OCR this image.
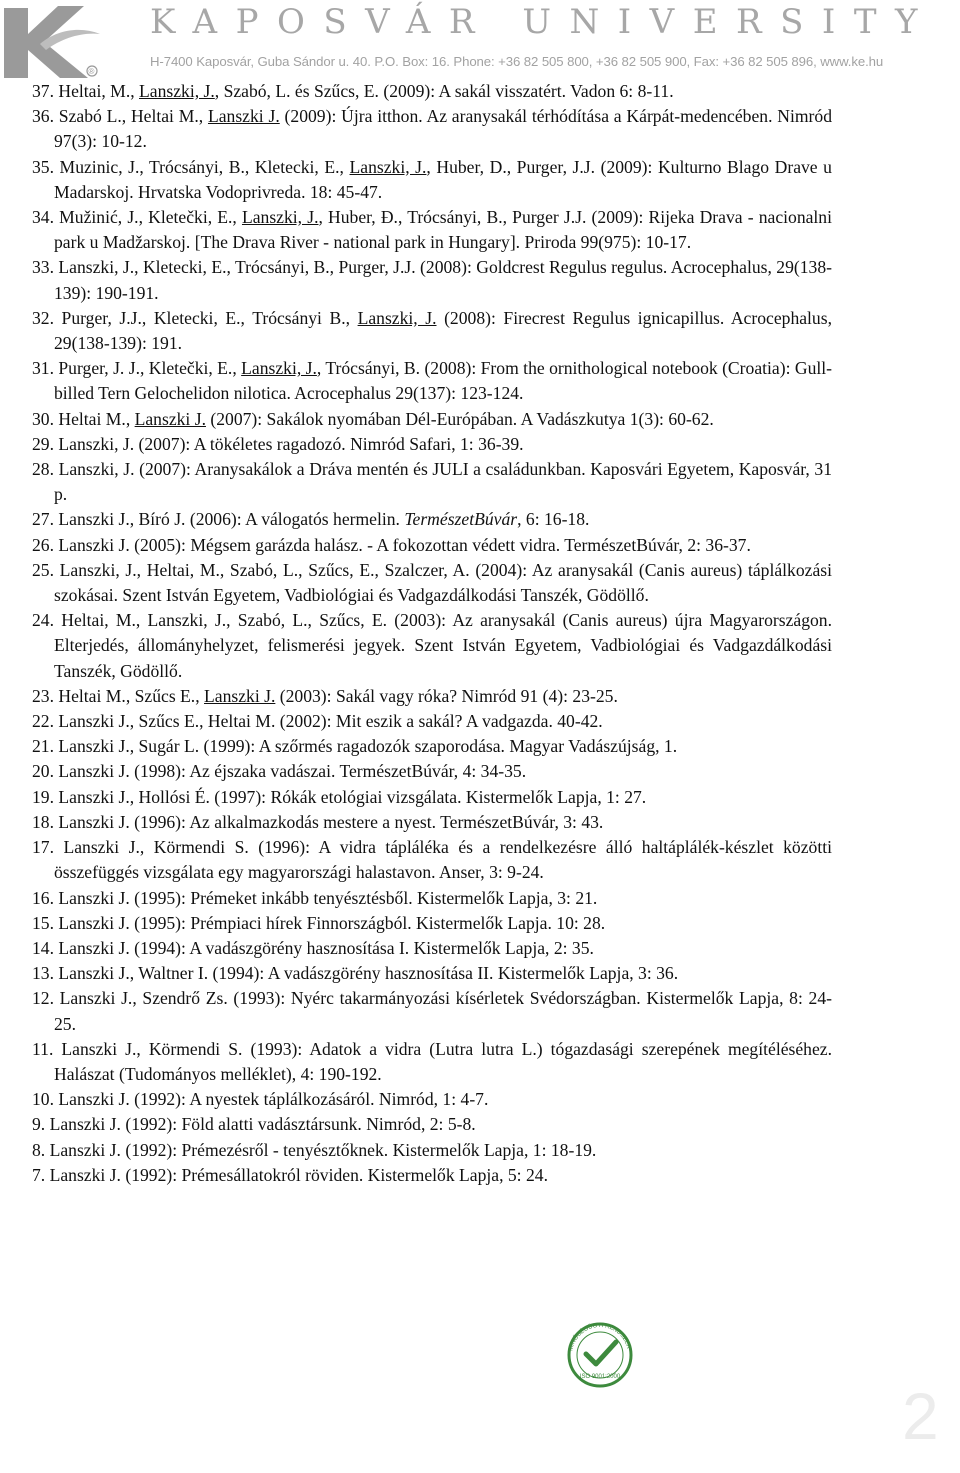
®
KAPOSVÁR UNIVERSITY
H-7400 Kaposvár, Guba Sándor u. 40. P.O. Box: 16. Phone: +36 82 505 800, +36 82 505 900, Fax: +36 82 505 896, www.ke.hu
37. Heltai, M., Lanszki, J., Szabó, L. és Szűcs, E. (2009): A sakál visszatért. Vadon 6: 8-11.
36. Szabó L., Heltai M., Lanszki J. (2009): Újra itthon. Az aranysakál térhódítása a Kárpát-medencében. Nimród 97(3): 10-12.
35. Muzinic, J., Trócsányi, B., Kletecki, E., Lanszki, J., Huber, D., Purger, J.J. (2009): Kulturno Blago Drave u Madarskoj. Hrvatska Vodoprivreda. 18: 45-47.
34. Mužinić, J., Kletečki, E., Lanszki, J., Huber, Đ., Trócsányi, B., Purger J.J. (2009): Rijeka Drava - nacionalni park u Madžarskoj. [The Drava River - national park in Hungary]. Priroda 99(975): 10-17.
33. Lanszki, J., Kletecki, E., Trócsányi, B., Purger, J.J. (2008): Goldcrest Regulus regulus. Acrocephalus, 29(138-139): 190-191.
32. Purger, J.J., Kletecki, E., Trócsányi B., Lanszki, J. (2008): Firecrest Regulus ignicapillus. Acrocephalus, 29(138-139): 191.
31. Purger, J. J., Kletečki, E., Lanszki, J., Trócsányi, B. (2008): From the ornithological notebook (Croatia): Gull-billed Tern Gelochelidon nilotica. Acrocephalus 29(137): 123-124.
30. Heltai M., Lanszki J. (2007): Sakálok nyomában Dél-Európában. A Vadászkutya 1(3): 60-62.
29. Lanszki, J. (2007): A tökéletes ragadozó. Nimród Safari, 1: 36-39.
28. Lanszki, J. (2007): Aranysakálok a Dráva mentén és JULI a családunkban. Kaposvári Egyetem, Kaposvár, 31 p.
27. Lanszki J., Bíró J. (2006): A válogatós hermelin. TermészetBúvár, 6: 16-18.
26. Lanszki J. (2005): Mégsem garázda halász. - A fokozottan védett vidra. TermészetBúvár, 2: 36-37.
25. Lanszki, J., Heltai, M., Szabó, L., Szűcs, E., Szalczer, A. (2004): Az aranysakál (Canis aureus) táplálkozási szokásai. Szent István Egyetem, Vadbiológiai és Vadgazdálkodási Tanszék, Gödöllő.
24. Heltai, M., Lanszki, J., Szabó, L., Szűcs, E. (2003): Az aranysakál (Canis aureus) újra Magyarországon. Elterjedés, állományhelyzet, felismerési jegyek. Szent István Egyetem, Vadbiológiai és Vadgazdálkodási Tanszék, Gödöllő.
23. Heltai M., Szűcs E., Lanszki J. (2003): Sakál vagy róka? Nimród 91 (4): 23-25.
22. Lanszki J., Szűcs E., Heltai M. (2002): Mit eszik a sakál? A vadgazda. 40-42.
21. Lanszki J., Sugár L. (1999): A szőrmés ragadozók szaporodása. Magyar Vadászújság, 1.
20. Lanszki J. (1998): Az éjszaka vadászai. TermészetBúvár, 4: 34-35.
19. Lanszki J., Hollósi É. (1997): Rókák etológiai vizsgálata. Kistermelők Lapja, 1: 27.
18. Lanszki J. (1996): Az alkalmazkodás mestere a nyest. TermészetBúvár, 3: 43.
17. Lanszki J., Körmendi S. (1996): A vidra tápláléka és a rendelkezésre álló haltáplálék-készlet közötti összefüggés vizsgálata egy magyarországi halastavon. Anser, 3: 9-24.
16. Lanszki J. (1995): Prémeket inkább tenyésztésből. Kistermelők Lapja, 3: 21.
15. Lanszki J. (1995): Prémpiaci hírek Finnországból. Kistermelők Lapja. 10: 28.
14. Lanszki J. (1994): A vadászgörény hasznosítása I. Kistermelők Lapja, 2: 35.
13. Lanszki J., Waltner I. (1994): A vadászgörény hasznosítása II. Kistermelők Lapja, 3: 36.
12. Lanszki J., Szendrő Zs. (1993): Nyérc takarmányozási kísérletek Svédországban. Kistermelők Lapja, 8: 24-25.
11. Lanszki J., Körmendi S. (1993): Adatok a vidra (Lutra lutra L.) tógazdasági szerepének megítéléséhez. Halászat (Tudományos melléklet), 4: 190-192.
10. Lanszki J. (1992): A nyestek táplálkozásáról. Nimród, 1: 4-7.
9. Lanszki J. (1992): Föld alatti vadásztársunk. Nimród, 2: 5-8.
8. Lanszki J. (1992): Prémezésről - tenyésztőknek. Kistermelők Lapja, 1: 18-19.
7. Lanszki J. (1992): Prémesállatokról röviden. Kistermelők Lapja, 5: 24.
MINŐSÉGÜGYI RENDSZER
ISO 9001:2000
2
